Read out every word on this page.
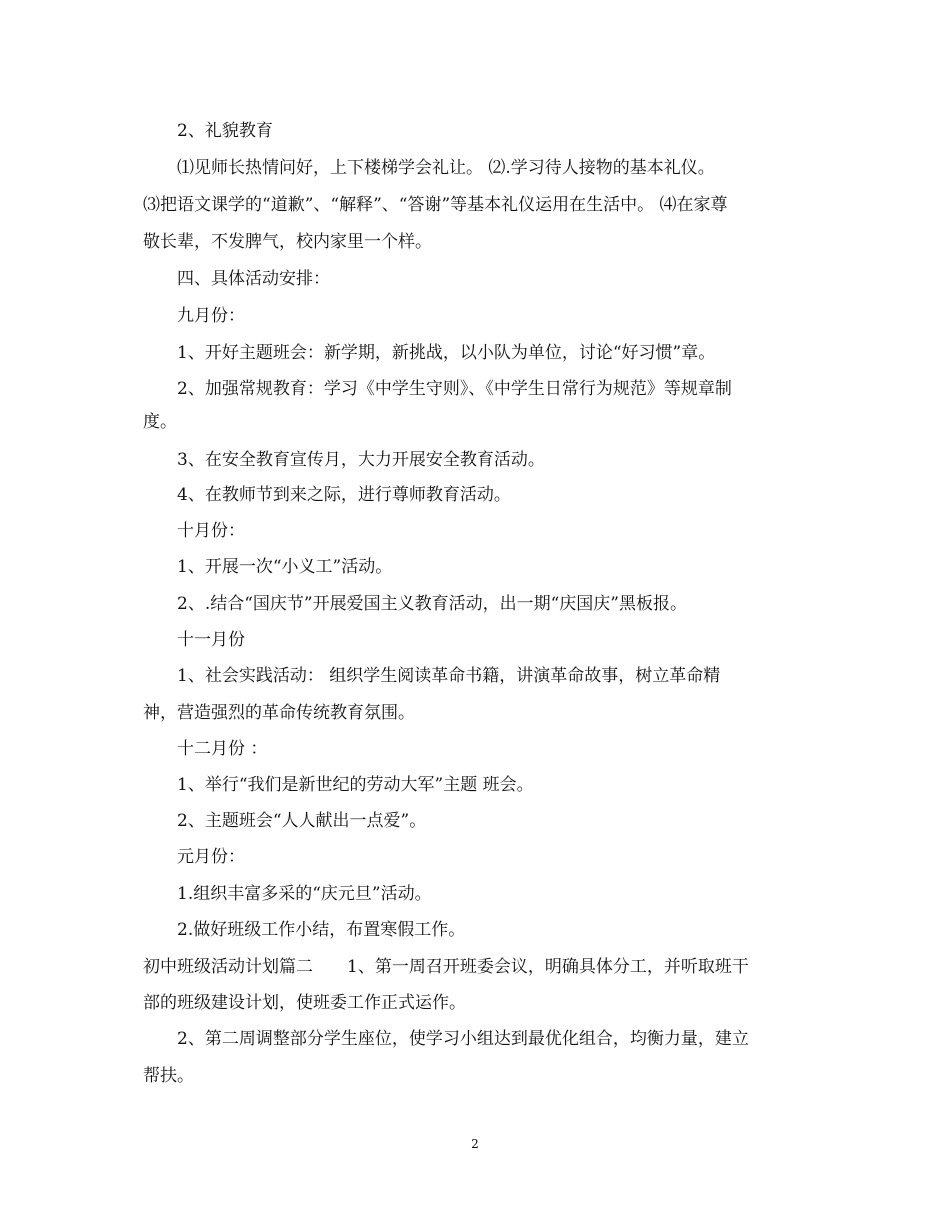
2、礼貌教育
⑴见师长热情问好，上下楼梯学会礼让。 ⑵.学习待人接物的基本礼仪。
⑶把语文课学的“道歉”、“解释”、“答谢”等基本礼仪运用在生活中。 ⑷在家尊
敬长辈，不发脾气，校内家里一个样。
四、具体活动安排：
九月份：
1、开好主题班会：新学期，新挑战，以小队为单位，讨论“好习惯”章。
2、加强常规教育：学习《中学生守则》、《中学生日常行为规范》等规章制
度。
3、在安全教育宣传月，大力开展安全教育活动。
4、在教师节到来之际，进行尊师教育活动。
十月份：
1、开展一次“小义工”活动。
2、.结合“国庆节”开展爱国主义教育活动，出一期“庆国庆”黑板报。
十一月份
1、社会实践活动： 组织学生阅读革命书籍，讲演革命故事，树立革命精
神，营造强烈的革命传统教育氛围。
十二月份 ：
1、举行“我们是新世纪的劳动大军”主题 班会。
2、主题班会“人人献出一点爱”。
元月份：
1.组织丰富多采的“庆元旦”活动。
2.做好班级工作小结，布置寒假工作。
初中班级活动计划篇二　　1、第一周召开班委会议，明确具体分工，并听取班干
部的班级建设计划，使班委工作正式运作。
2、第二周调整部分学生座位，使学习小组达到最优化组合，均衡力量，建立
帮扶。
2
